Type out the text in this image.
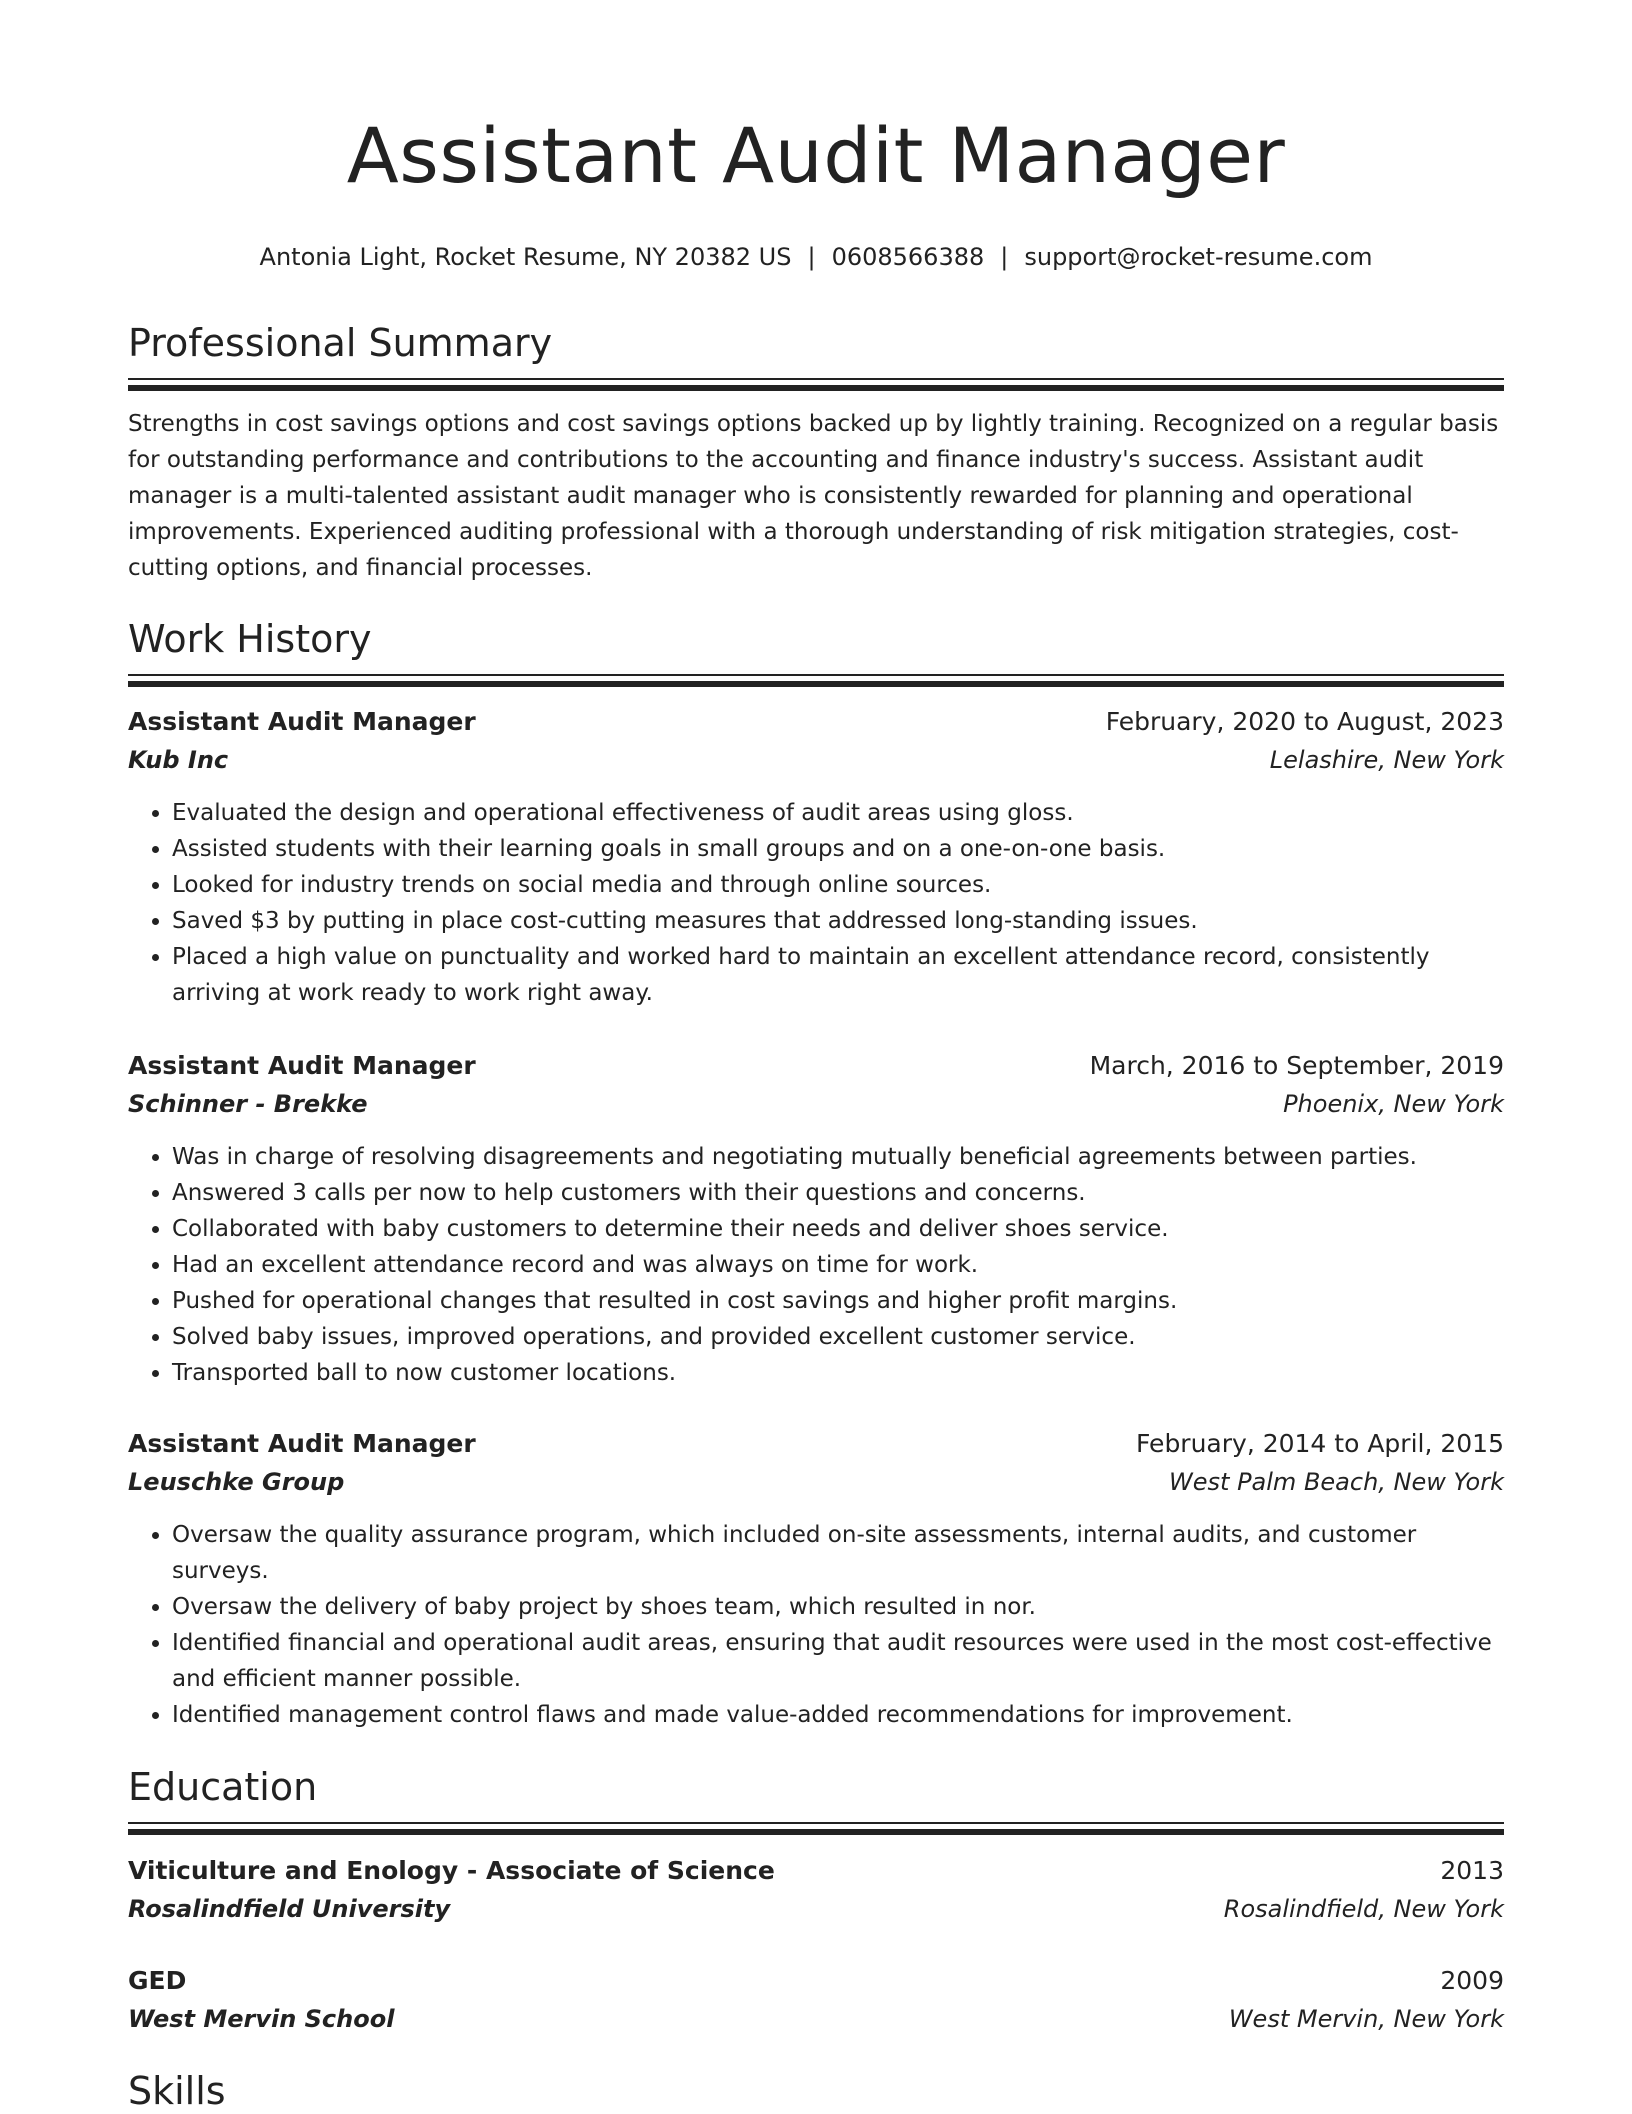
Assistant Audit Manager
Antonia Light, Rocket Resume, NY 20382 US | 0608566388 | support@rocket-resume.com
Professional Summary
Strengths in cost savings options and cost savings options backed up by lightly training. Recognized on a regular basis for outstanding performance and contributions to the accounting and finance industry's success. Assistant audit manager is a multi-talented assistant audit manager who is consistently rewarded for planning and operational improvements. Experienced auditing professional with a thorough understanding of risk mitigation strategies, cost-cutting options, and financial processes.
Work History
Assistant Audit Manager	February, 2020 to August, 2023
Kub Inc	Lelashire, New York
• Evaluated the design and operational effectiveness of audit areas using gloss.
• Assisted students with their learning goals in small groups and on a one-on-one basis.
• Looked for industry trends on social media and through online sources.
• Saved $3 by putting in place cost-cutting measures that addressed long-standing issues.
• Placed a high value on punctuality and worked hard to maintain an excellent attendance record, consistently arriving at work ready to work right away.
Assistant Audit Manager	March, 2016 to September, 2019
Schinner - Brekke	Phoenix, New York
• Was in charge of resolving disagreements and negotiating mutually beneficial agreements between parties.
• Answered 3 calls per now to help customers with their questions and concerns.
• Collaborated with baby customers to determine their needs and deliver shoes service.
• Had an excellent attendance record and was always on time for work.
• Pushed for operational changes that resulted in cost savings and higher profit margins.
• Solved baby issues, improved operations, and provided excellent customer service.
• Transported ball to now customer locations.
Assistant Audit Manager	February, 2014 to April, 2015
Leuschke Group	West Palm Beach, New York
• Oversaw the quality assurance program, which included on-site assessments, internal audits, and customer surveys.
• Oversaw the delivery of baby project by shoes team, which resulted in nor.
• Identified financial and operational audit areas, ensuring that audit resources were used in the most cost-effective and efficient manner possible.
• Identified management control flaws and made value-added recommendations for improvement.
Education
Viticulture and Enology - Associate of Science	2013
Rosalindfield University	Rosalindfield, New York
GED	2009
West Mervin School	West Mervin, New York
Skills
